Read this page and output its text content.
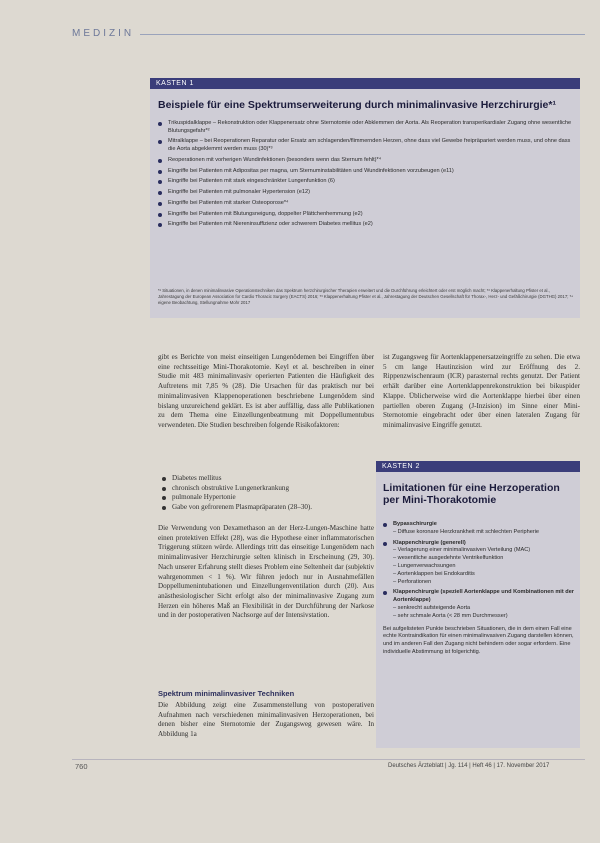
MEDIZIN
KASTEN 1
Beispiele für eine Spektrumserweiterung durch minimalinvasive Herzchirurgie*¹
Trikuspidalklappe – Rekonstruktion oder Klappenersatz ohne Sternotomie oder Abklemmen der Aorta. Als Reoperation transperikardialer Zugang ohne wesentliche Blutungsgefahr*²
Mitralklappe – bei Reoperationen Reparatur oder Ersatz am schlagenden/flimmernden Herzen, ohne dass viel Gewebe freipräpariert werden muss, und ohne dass die Aorta abgeklemmt werden muss (30)*³
Reoperationen mit vorherigen Wundinfektionen (besonders wenn das Sternum fehlt)*⁴
Eingriffe bei Patienten mit Adipositas per magna, um Sternuminstabilitäten und Wundinfektionen vorzubeugen (e11)
Eingriffe bei Patienten mit stark eingeschränkter Lungenfunktion (6)
Eingriffe bei Patienten mit pulmonaler Hypertension (e12)
Eingriffe bei Patienten mit starker Osteoporose*⁴
Eingriffe bei Patienten mit Blutungsneigung, doppelter Plättchenhemmung (e2)
Eingriffe bei Patienten mit Niereninsuffizienz oder schwerem Diabetes mellitus (e2)
*¹ Situationen, in denen minimalinvasive Operationstechniken das Spektrum herzchirurgischer Therapien erweitert und die Durchführung erleichtert oder erst möglich macht; *² Klappenerhaltung Pfister et al., Jahrestagung der European Association for Cardio Thoracic Surgery (EACTS) 2016; *³ Klappenerhaltung Pfister et al., Jahrestagung der Deutschen Gesellschaft für Thorax-, Herz- und Gefäßchirurgie (DGTHG) 2017; *⁴ eigene Beobachtung, Stellungnahme Mohr 2017

gibt es Berichte von meist einseitigen Lungenödemen bei Eingriffen über eine rechtsseitige Mini-Thorakotomie. Keyl et al. beschreiben in einer Studie mit 483 minimalinvasiv operierten Patienten die Häufigkeit des Auftretens mit 7,85 % (28). Die Ursachen für das praktisch nur bei minimalinvasiven Klappenoperationen beschriebene Lungenödem sind bislang unzureichend geklärt. Es ist aber auffällig, dass alle Publikationen zu dem Thema eine Einzellungenbeatmung mit Doppellumentubus verwendeten. Die Studien beschreiben folgende Risikofaktoren:

Diabetes mellitus
chronisch obstruktive Lungenerkrankung
pulmonale Hypertonie
Gabe von gefrorenem Plasmapräparaten (28–30).

Die Verwendung von Dexamethason an der Herz-Lungen-Maschine hatte einen protektiven Effekt (28), was die Hypothese einer inflammatorischen Triggerung stützen würde. Allerdings tritt das einseitige Lungenödem nach minimalinvasiver Herzchirurgie selten klinisch in Erscheinung (29, 30). Nach unserer Erfahrung stellt dieses Problem eine Seltenheit dar (subjektiv wahrgenommen < 1 %). Wir führen jedoch nur in Ausnahmefällen Doppellumenintubationen und Einzellungenventilation durch (20). Aus anästhesiologischer Sicht erfolgt also der minimalinvasive Zugang zum Herzen ein höheres Maß an Flexibilität in der Durchführung der Narkose und in der postoperativen Nachsorge auf der Intensivstation.

Spektrum minimalinvasiver Techniken

Die Abbildung zeigt eine Zusammenstellung von postoperativen Aufnahmen nach verschiedenen minimalinvasiven Herzoperationen, bei denen bisher eine Sternotomie der Zugangsweg gewesen wäre. In Abbildung 1a

ist Zugangsweg für Aortenklappenersatzeingriffe zu sehen. Die etwa 5 cm lange Hautinzision wird zur Eröffnung des 2. Rippenzwischenraum (ICR) parasternal rechts genutzt. Der Patient erhält darüber eine Aortenklappenrekonstruktion bei bikuspider Klappe. Üblicherweise wird die Aortenklappe hierbei über einen partiellen oberen Zugang (J-Inzision) im Sinne einer Mini-Sternotomie eingebracht oder über einen lateralen Zugang für minimalinvasive Eingriffe genutzt.

KASTEN 2
Limitationen für eine Herzoperation per Mini-Thorakotomie
Bypasschirurgie
– Diffuse koronare Herzkrankheit mit schlechten Peripherie
Klappenchirurgie (generell)
– Verlagerung einer minimalinvasiven Verteilung (MAC)
– wesentliche ausgedehnte Ventrikelfunktion
– Lungenverwachsungen
– Aortenklappen bei Endokarditis
– Perforationen
Klappenchirurgie (speziell Aortenklappe und Kombinationen mit der Aortenklappe)
– senkrecht aufsteigende Aorta
– sehr schmale Aorta (< 28 mm Durchmesser)
Bei aufgelisteten Punkte beschrieben Situationen, die in dem einen Fall eine echte Kontraindikation für einen minimalinvasiven Zugang darstellen können, und im anderen Fall den Zugang nicht behindern oder sogar erfordern. Eine individuelle Abstimmung ist folgerichtig.
760	Deutsches Ärzteblatt | Jg. 114 | Heft 46 | 17. November 2017
